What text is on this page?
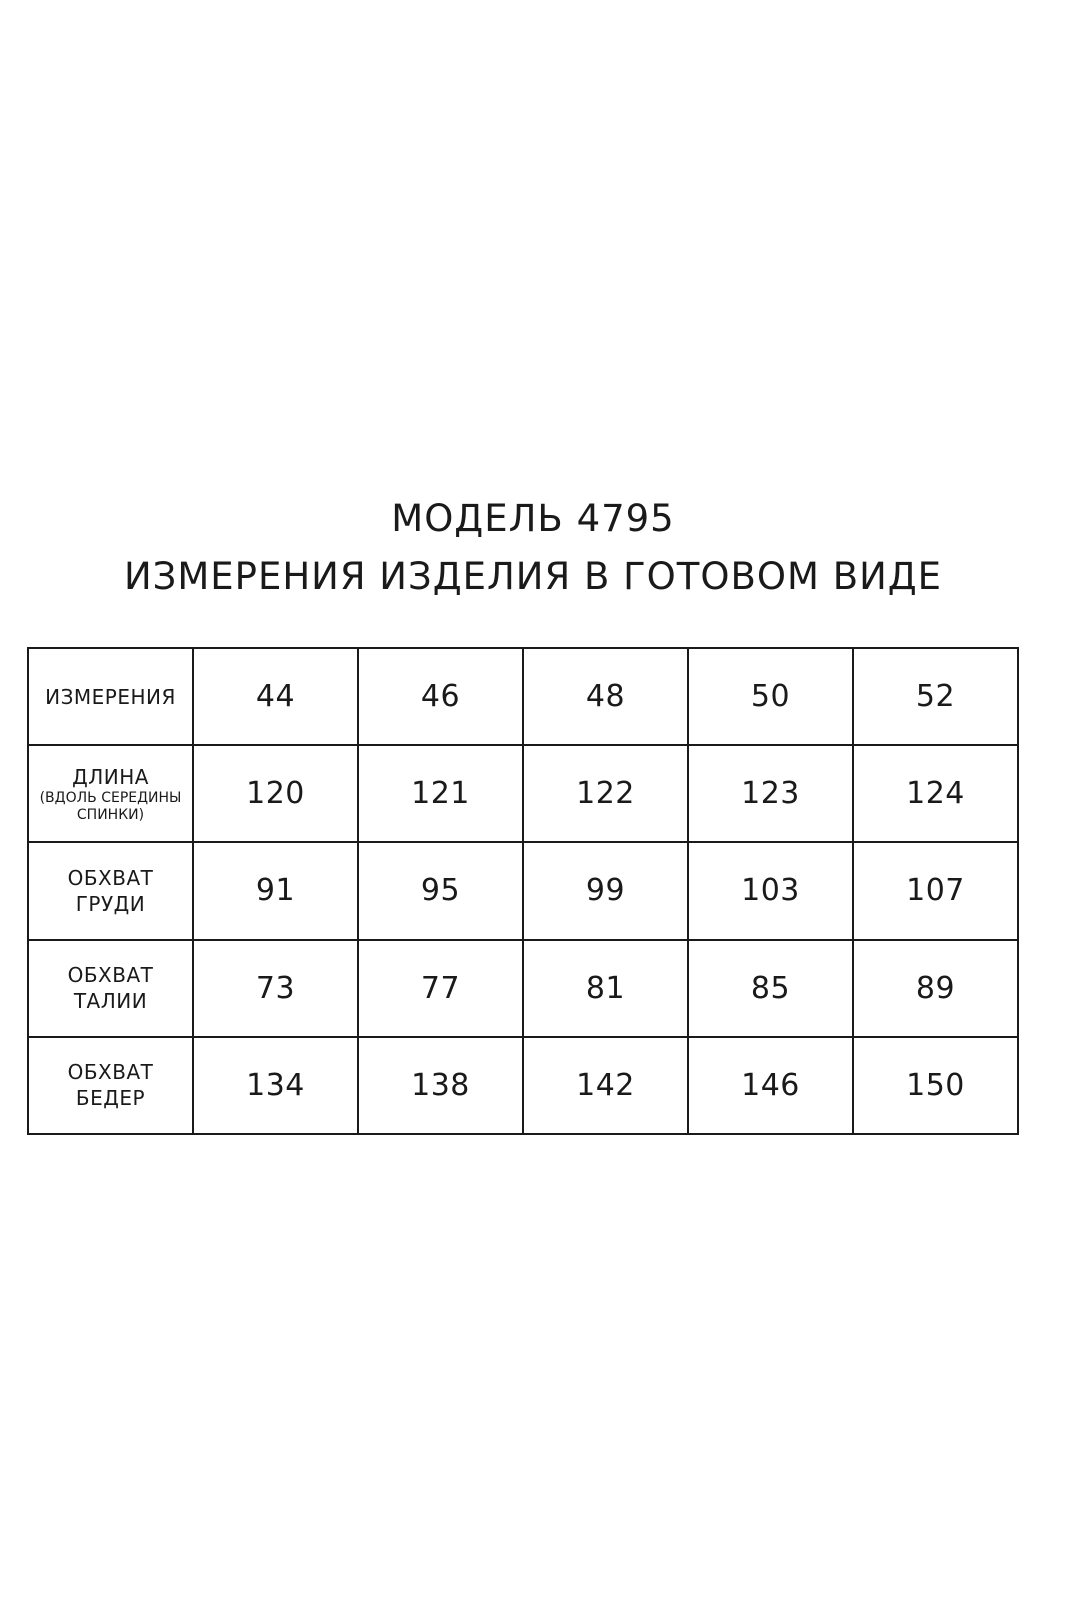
МОДЕЛЬ 4795
ИЗМЕРЕНИЯ ИЗДЕЛИЯ В ГОТОВОМ ВИДЕ
ИЗМЕРЕНИЯ	44	46	48	50	52

ДЛИНА
(ВДОЛЬ СЕРЕДИНЫ
СПИНКИ)	120	121	122	123	124

ОБХВАТ
ГРУДИ	91	95	99	103	107

ОБХВАТ
ТАЛИИ	73	77	81	85	89

ОБХВАТ
БЕДЕР	134	138	142	146	150
